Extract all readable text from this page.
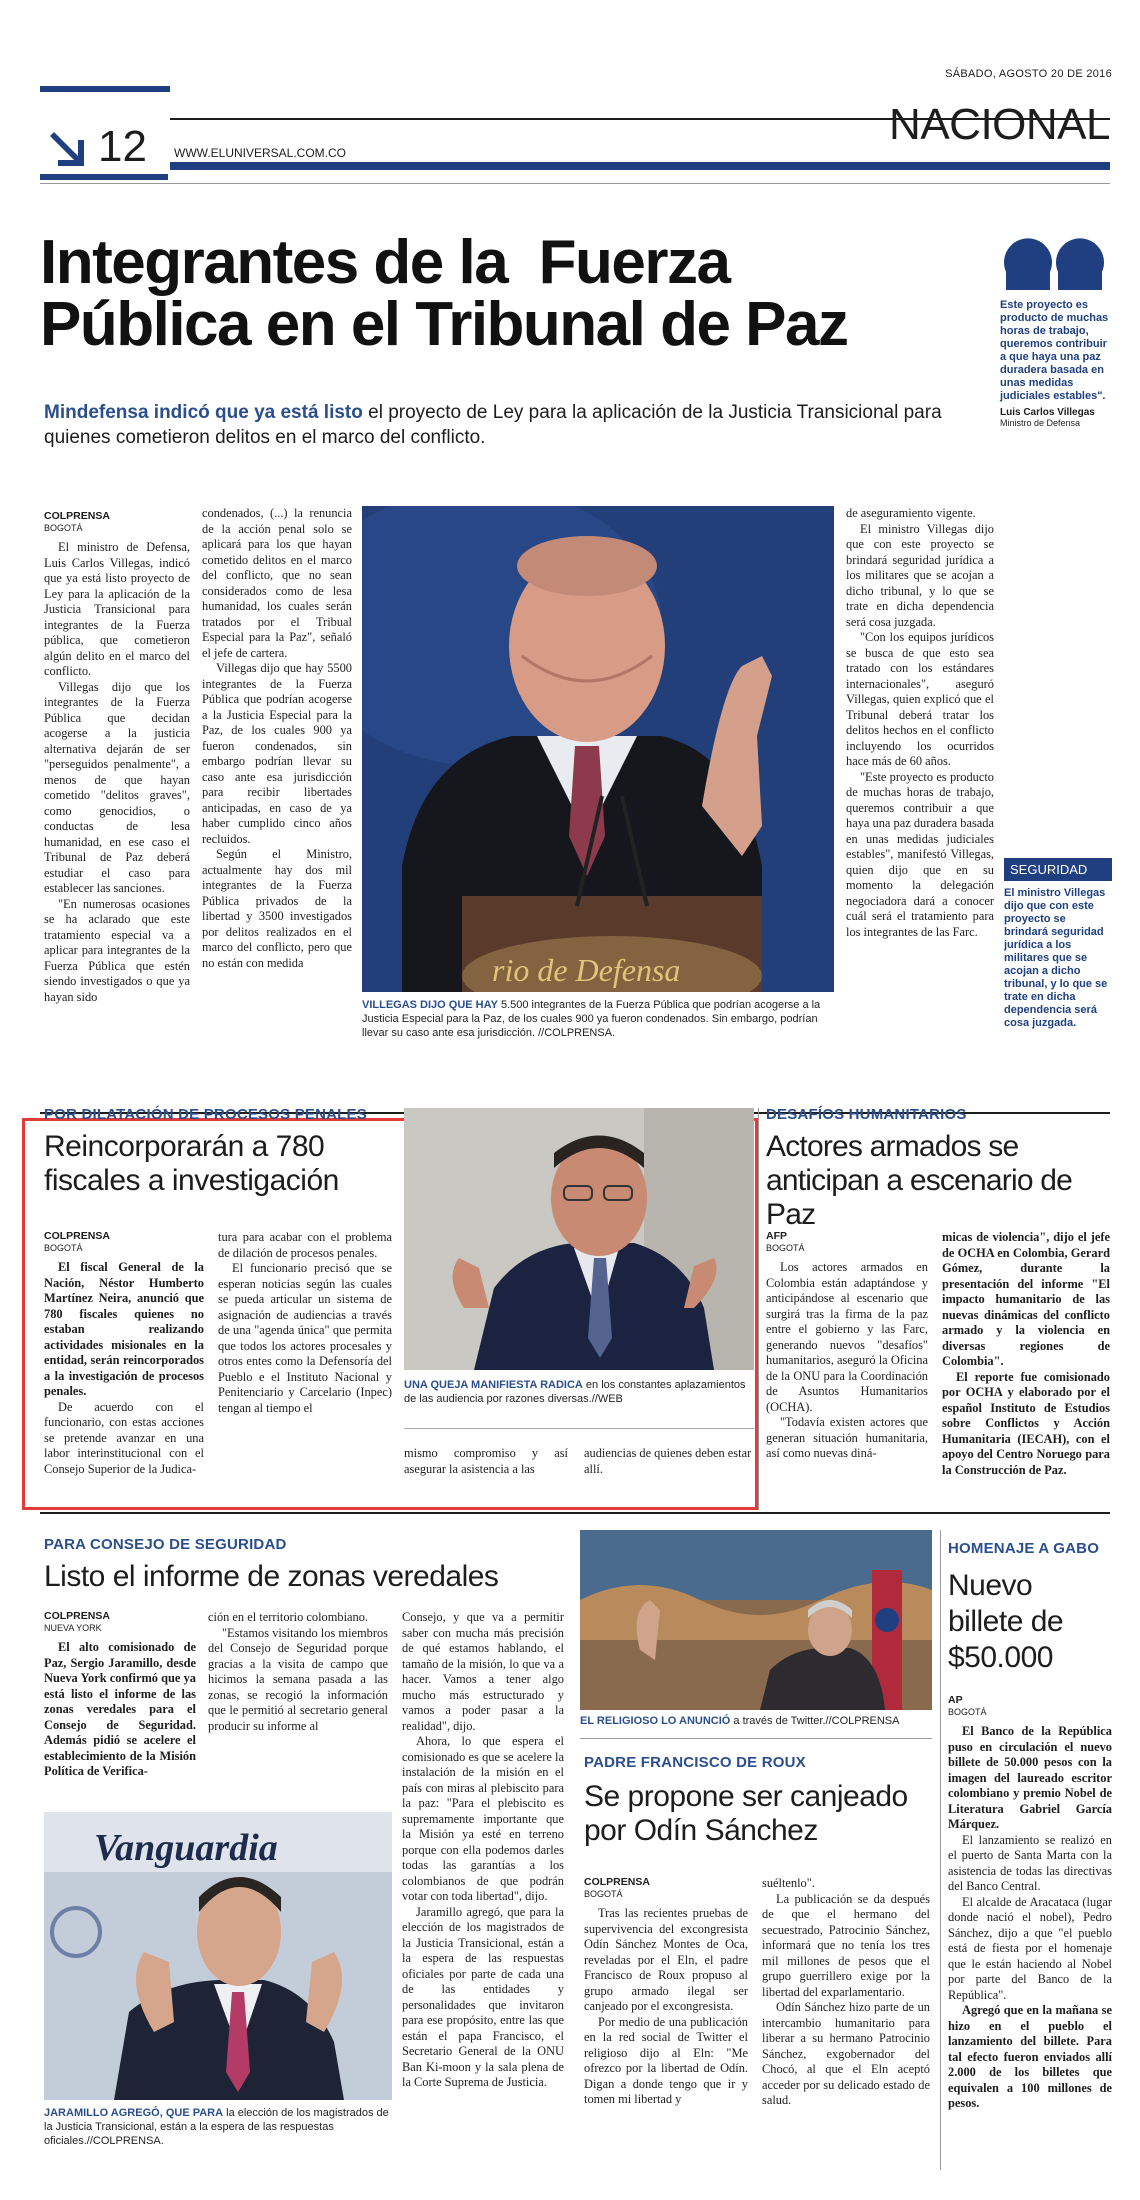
SÁBADO, AGOSTO 20 DE 2016
12 WWW.ELUNIVERSAL.COM.CO
NACIONAL
Integrantes de la  Fuerza
Pública en el Tribunal de Paz
Mindefensa indicó que ya está listo el proyecto de Ley para la aplicación de la Justicia Transicional para quienes cometieron delitos en el marco del conflicto.
Este proyecto es producto de muchas horas de trabajo, queremos contribuir a que haya una paz duradera basada en unas medidas judiciales estables".
Luis Carlos Villegas
Ministro de Defensa
COLPRENSA
BOGOTÁ

El ministro de Defensa, Luis Carlos Villegas, indicó que ya está listo proyecto de Ley para la aplicación de la Justicia Transicional para integrantes de la Fuerza pública, que cometieron algún delito en el marco del conflicto.

Villegas dijo que los integrantes de la Fuerza Pública que decidan acogerse a la justicia alternativa dejarán de ser "perseguidos penalmente", a menos de que hayan cometido "delitos graves", como genocidios, o conductas de lesa humanidad, en ese caso el Tribunal de Paz deberá estudiar el caso para establecer las sanciones.

"En numerosas ocasiones se ha aclarado que este tratamiento especial va a aplicar para integrantes de la Fuerza Pública que estén siendo investigados o que ya hayan sido

condenados, (...) la renuncia de la acción penal solo se aplicará para los que hayan cometido delitos en el marco del conflicto, que no sean considerados como de lesa humanidad, los cuales serán tratados por el Tribual Especial para la Paz", señaló el jefe de cartera.

Villegas dijo que hay 5500 integrantes de la Fuerza Pública que podrían acogerse a la Justicia Especial para la Paz, de los cuales 900 ya fueron condenados, sin embargo podrían llevar su caso ante esa jurisdicción para recibir libertades anticipadas, en caso de ya haber cumplido cinco años recluidos.

Según el Ministro, actualmente hay dos mil integrantes de la Fuerza Pública privados de la libertad y 3500 investigados por delitos realizados en el marco del conflicto, pero que no están con medida	rio de Defensa
VILLEGAS DIJO QUE HAY 5.500 integrantes de la Fuerza Pública que podrían acogerse a la Justicia Especial para la Paz, de los cuales 900 ya fueron condenados. Sin embargo, podrían llevar su caso ante esa jurisdicción. //COLPRENSA.

de aseguramiento vigente.

El ministro Villegas dijo que con este proyecto se brindará seguridad jurídica a los militares que se acojan a dicho tribunal, y lo que se trate en dicha dependencia será cosa juzgada.

"Con los equipos jurídicos se busca de que esto sea tratado con los estándares internacionales", aseguró Villegas, quien explicó que el Tribunal deberá tratar los delitos hechos en el conflicto incluyendo los ocurridos hace más de 60 años.

"Este proyecto es producto de muchas horas de trabajo, queremos contribuir a que haya una paz duradera basada en unas medidas judiciales estables", manifestó Villegas, quien dijo que en su momento la delegación negociadora dará a conocer cuál será el tratamiento para los integrantes de las Farc.

SEGURIDAD
El ministro Villegas dijo que con este proyecto se brindará seguridad jurídica a los militares que se acojan a dicho tribunal, y lo que se trate en dicha dependencia será cosa juzgada.
POR DILATACIÓN DE PROCESOS PENALES
Reincorporarán a 780 fiscales a investigación
COLPRENSA
BOGOTÁ

El fiscal General de la Nación, Néstor Humberto Martínez Neira, anunció que 780 fiscales quienes no estaban realizando actividades misionales en la entidad, serán reincorporados a la investigación de procesos penales.

De acuerdo con el funcionario, con estas acciones se pretende avanzar en una labor interinstitucional con el Consejo Superior de la Judica-

tura para acabar con el problema de dilación de procesos penales.

El funcionario precisó que se esperan noticias según las cuales se pueda articular un sistema de asignación de audiencias a través de una "agenda única" que permita que todos los actores procesales y otros entes como la Defensoría del Pueblo e el Instituto Nacional y Penitenciario y Carcelario (Inpec) tengan al tiempo el

UNA QUEJA MANIFIESTA RADICA en los constantes aplazamientos de las audiencia por razones diversas.//WEB
mismo compromiso y así asegurar la asistencia a las
audiencias de quienes deben estar allí.
DESAFÍOS HUMANITARIOS
Actores armados se anticipan a escenario de Paz
AFP
BOGOTÁ

Los actores armados en Colombia están adaptándose y anticipándose al escenario que surgirá tras la firma de la paz entre el gobierno y las Farc, generando nuevos "desafíos" humanitarios, aseguró la Oficina de la ONU para la Coordinación de Asuntos Humanitarios (OCHA).

"Todavía existen actores que generan situación humanitaria, así como nuevas diná-

micas de violencia", dijo el jefe de OCHA en Colombia, Gerard Gómez, durante la presentación del informe "El impacto humanitario de las nuevas dinámicas del conflicto armado y la violencia en diversas regiones de Colombia".

El reporte fue comisionado por OCHA y elaborado por el español Instituto de Estudios sobre Conflictos y Acción Humanitaria (IECAH), con el apoyo del Centro Noruego para la Construcción de Paz.

PARA CONSEJO DE SEGURIDAD
Listo el informe de zonas veredales
COLPRENSA
NUEVA YORK

El alto comisionado de Paz, Sergio Jaramillo, desde Nueva York confirmó que ya está listo el informe de las zonas veredales para el Consejo de Seguridad. Además pidió se acelere el establecimiento de la Misión Política de Verifica-

ción en el territorio colombiano.

"Estamos visitando los miembros del Consejo de Seguridad porque gracias a la visita de campo que hicimos la semana pasada a las zonas, se recogió la información que le permitió al secretario general producir su informe al

Consejo, y que va a permitir saber con mucha más precisión de qué estamos hablando, el tamaño de la misión, lo que va a hacer. Vamos a tener algo mucho más estructurado y vamos a poder pasar a la realidad", dijo.

Ahora, lo que espera el comisionado es que se acelere la instalación de la misión en el país con miras al plebiscito para la paz: "Para el plebiscito es supremamente importante que la Misión ya esté en terreno porque con ella podemos darles todas las garantías a los colombianos de que podrán votar con toda libertad", dijo.

Jaramillo agregó, que para la elección de los magistrados de la Justicia Transicional, están a la espera de las respuestas oficiales por parte de cada una de las entidades y personalidades que invitaron para ese propósito, entre las que están el papa Francisco, el Secretario General de la ONU Ban Ki-moon y la sala plena de la Corte Suprema de Justicia.

Vanguardia
JARAMILLO AGREGÓ, QUE PARA la elección de los magistrados de la Justicia Transicional, están a la espera de las respuestas oficiales.//COLPRENSA.
EL RELIGIOSO LO ANUNCIÓ a través de Twitter.//COLPRENSA
PADRE FRANCISCO DE ROUX
Se propone ser canjeado por Odín Sánchez
COLPRENSA
BOGOTÁ

Tras las recientes pruebas de supervivencia del excongresista Odín Sánchez Montes de Oca, reveladas por el Eln, el padre Francisco de Roux propuso al grupo armado ilegal ser canjeado por el excongresista.

Por medio de una publicación en la red social de Twitter el religioso dijo al Eln: "Me ofrezco por la libertad de Odín. Digan a donde tengo que ir y tomen mi libertad y

suéltenlo".

La publicación se da después de que el hermano del secuestrado, Patrocinio Sánchez, informará que no tenía los tres mil millones de pesos que el grupo guerrillero exige por la libertad del exparlamentario.

Odín Sánchez hizo parte de un intercambio humanitario para liberar a su hermano Patrocinio Sánchez, exgobernador del Chocó, al que el Eln aceptó acceder por su delicado estado de salud.

HOMENAJE A GABO
Nuevo billete de $50.000
AP
BOGOTÁ

El Banco de la República puso en circulación el nuevo billete de 50.000 pesos con la imagen del laureado escritor colombiano y premio Nobel de Literatura Gabriel García Márquez.

El lanzamiento se realizó en el puerto de Santa Marta con la asistencia de todas las directivas del Banco Central.

El alcalde de Aracataca (lugar donde nació el nobel), Pedro Sánchez, dijo a que "el pueblo está de fiesta por el homenaje que le están haciendo al Nobel por parte del Banco de la República".

Agregó que en la mañana se hizo en el pueblo el lanzamiento del billete. Para tal efecto fueron enviados allí 2.000 de los billetes que equivalen a 100 millones de pesos.
